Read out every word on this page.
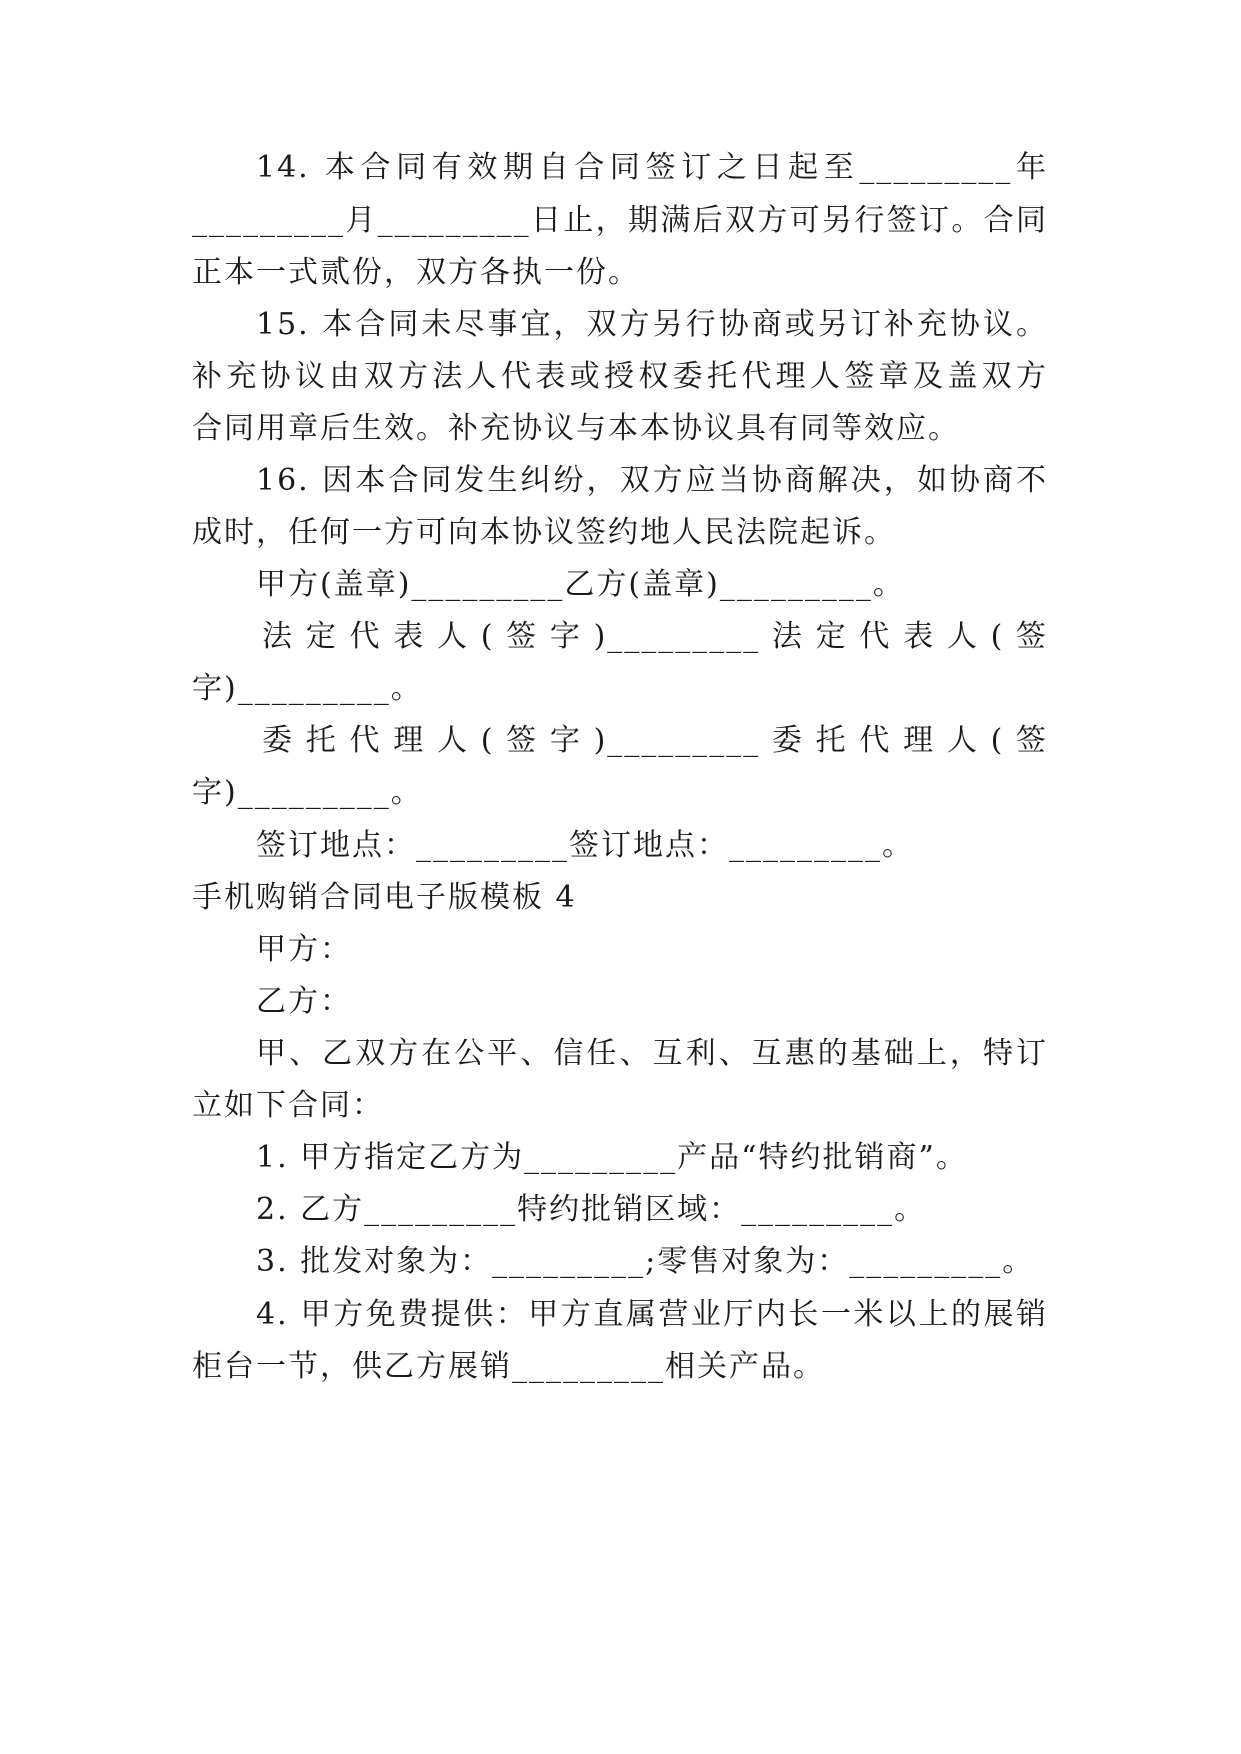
14. 本合同有效期自合同签订之日起至_________年
_________月_________日止，期满后双方可另行签订。合同
正本一式贰份，双方各执一份。
15. 本合同未尽事宜，双方另行协商或另订补充协议。
补充协议由双方法人代表或授权委托代理人签章及盖双方
合同用章后生效。补充协议与本本协议具有同等效应。
16. 因本合同发生纠纷，双方应当协商解决，如协商不
成时，任何一方可向本协议签约地人民法院起诉。
甲方(盖章)_________乙方(盖章)_________。
法 定 代 表 人 ( 签 字 )_________ 法 定 代 表 人 ( 签
字)_________。
委 托 代 理 人 ( 签 字 )_________ 委 托 代 理 人 ( 签
字)_________。
签订地点：_________签订地点：_________。
手机购销合同电子版模板 4
甲方：
乙方：
甲、乙双方在公平、信任、互利、互惠的基础上，特订
立如下合同：
1. 甲方指定乙方为_________产品“特约批销商”。
2. 乙方_________特约批销区域：_________。
3. 批发对象为：_________;零售对象为：_________。
4. 甲方免费提供：甲方直属营业厅内长一米以上的展销
柜台一节，供乙方展销_________相关产品。
